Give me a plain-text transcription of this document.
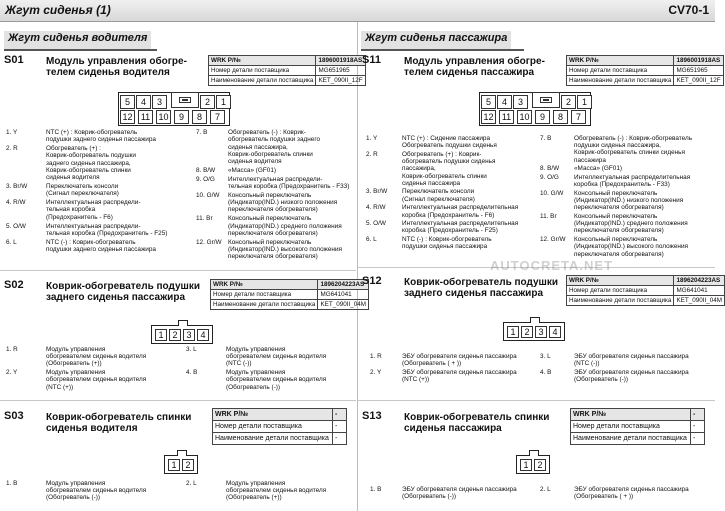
Жгут сиденья (1)	CV70-1
Жгут сиденья водителя	Жгут сиденья пассажира
S01 Модуль управления обогре-
телем сиденья водителя
WRK P/№	1896001918AS
Номер детали поставщика	MG651965
Наименование детали поставщика	KET_090II_12F
5	4	3	2	1
12 11 10	9	8	7
1. Y	NTC (+) : Коврик-обогреватель
подушки заднего сиденья пассажира
2. R	Обогреватель (+) :
Коврик-обогреватель подушки
заднего сиденья пассажира,
Коврик-обогреватель спинки
сиденья водителя
3. Br/W	Переключатель консоли
(Сигнал переключателя)
4. R/W	Интеллектуальная распредели-
тельная коробка
(Предохранитель - F6)
5. O/W	Интеллектуальная распредели-
тельная коробка (Предохранитель - F25)
6. L	NTC (-) : Коврик-обогреватель
подушки заднего сиденья пассажира
7. B	Обогреватель (-) : Коврик-
обогреватель подушки заднего
сиденья пассажира,
Коврик-обогреватель спинки
сиденья водителя
8. B/W «Масса» (GF01)
9. O/G Интеллектуальная распредели-
тельная коробка (Предохранитель - F33)
10. G/W Консольный переключатель
(Индикатор(IND.) низкого положения
переключателя обогревателя)
11. Br Консольный переключатель
(Индикатор(IND.) среднего положения
переключателя обогревателя)
12. Gr/W Консольный переключатель
(Индикатор(IND.) высокого положения
переключателя обогревателя)
S02 Коврик-обогреватель подушки
заднего сиденья пассажира
WRK P/№	1896204223AS
Номер детали поставщика	MG641041
Наименование детали поставщика	KET_090II_04M
1 2 3 4
1. R	Модуль управления
обогревателем сиденья водителя
(Обогреватель (+))
2. Y	Модуль управления
обогревателем сиденья водителя
(NTC (+))
3. L	Модуль управления
обогревателем сиденья водителя
(NTC (-))
4. B	Модуль управления
обогревателем сиденья водителя
(Обогреватель (-))
S03 Коврик-обогреватель спинки
сиденья водителя
WRK P/№	-
Номер детали поставщика	-
Наименование детали поставщика	-
1 2
1. B	Модуль управления
обогревателем сиденья водителя
(Обогреватель (-))
2. L	Модуль управления
обогревателем сиденья водителя
(Обогреватель (+))
S11 Модуль управления обогре-
телем сиденья пассажира
WRK P/№	1896001918AS
Номер детали поставщика	MG651965
Наименование детали поставщика	KET_090II_12F
5	4	3	2	1
12 11 10	9	8	7
1. Y	NTC (+) : Сидение пассажира
Обогреватель подушки сиденья
2. R	Обогреватель (+) : Коврик-
обогреватель подушки сиденья
пассажира,
Коврик-обогреватель спинки
сиденья пассажира
3. Br/W Переключатель консоли
(Сигнал переключателя)
4. R/W	Интеллектуальная распределительная
коробка (Предохранитель - F6)
5. O/W	Интеллектуальная распределительная
коробка (Предохранитель - F25)
6. L	NTC (-) : Коврик-обогреватель
подушки сиденья пассажира
7. B	Обогреватель (-) : Коврик-обогреватель
подушки сиденья пассажира,
Коврик-обогреватель спинки сиденья
пассажира
8. B/W «Масса» (GF01)
9. O/G Интеллектуальная распределительная
коробка (Предохранитель - F33)
10. G/W Консольный переключатель
(Индикатор(IND.) низкого положения
переключателя обогревателя)
11. Br	Консольный переключатель
(Индикатор(IND.) среднего положения
переключателя обогревателя)
12. Gr/W Консольный переключатель
(Индикатор(IND.) высокого положения
переключателя обогревателя)
S12 Коврик-обогреватель подушки
заднего сиденья пассажира
WRK P/№	1896204223AS
Номер детали поставщика	MG641041
Наименование детали поставщика	KET_090II_04M
1 2 3 4
1. R	ЭБУ обогревателя сиденья пассажира
(Обогреватель ( + ))
2. Y	ЭБУ обогревателя сиденья пассажира
(NTC (+))
3. L	ЭБУ обогревателя сиденья пассажира
(NTC (-))
4. B	ЭБУ обогревателя сиденья пассажира
(Обогреватель (-))
S13 Коврик-обогреватель спинки
сиденья пассажира
WRK P/№	-
Номер детали поставщика	-
Наименование детали поставщика	-
1 2
1. B	ЭБУ обогревателя сиденья пассажира
(Обогреватель (-))
2. L	ЭБУ обогревателя сиденья пассажира
(Обогреватель ( + ))
AUTOCRETA.NET
